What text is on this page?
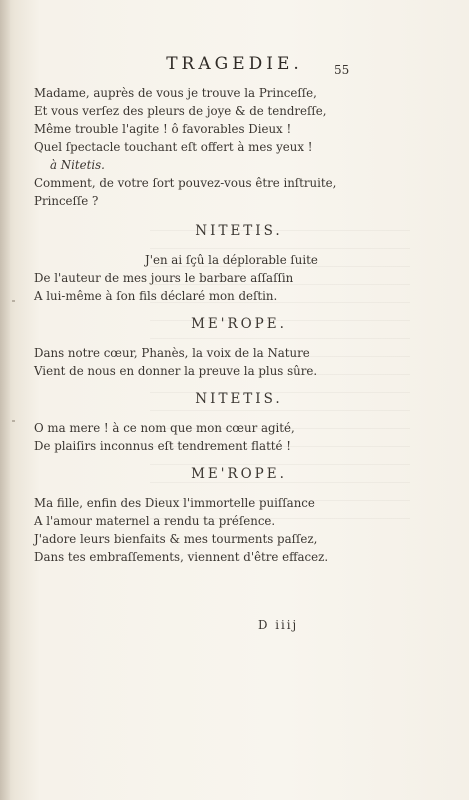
TRAGEDIE.	55
Madame, auprès de vous je trouve la Princeſſe,
Et vous verſez des pleurs de joye & de tendreſſe,
Même trouble l'agite ! ô favorables Dieux !
Quel ſpectacle touchant eſt offert à mes yeux !
à Nitetis.
Comment, de votre ſort pouvez-vous être inſtruite,
Princeſſe ?
NITETIS.
J'en ai ſçû la déplorable ſuite
De l'auteur de mes jours le barbare aſſaſſin
A lui-même à ſon fils déclaré mon deſtin.
ME'ROPE.
Dans notre cœur, Phanès, la voix de la Nature
Vient de nous en donner la preuve la plus sûre.
NITETIS.
O ma mere ! à ce nom que mon cœur agité,
De plaiſirs inconnus eſt tendrement flatté !
ME'ROPE.
Ma fille, enfin des Dieux l'immortelle puiſſance
A l'amour maternel a rendu ta préſence.
J'adore leurs bienfaits & mes tourments paſſez,
Dans tes embraſſements, viennent d'être effacez.
D iiij
